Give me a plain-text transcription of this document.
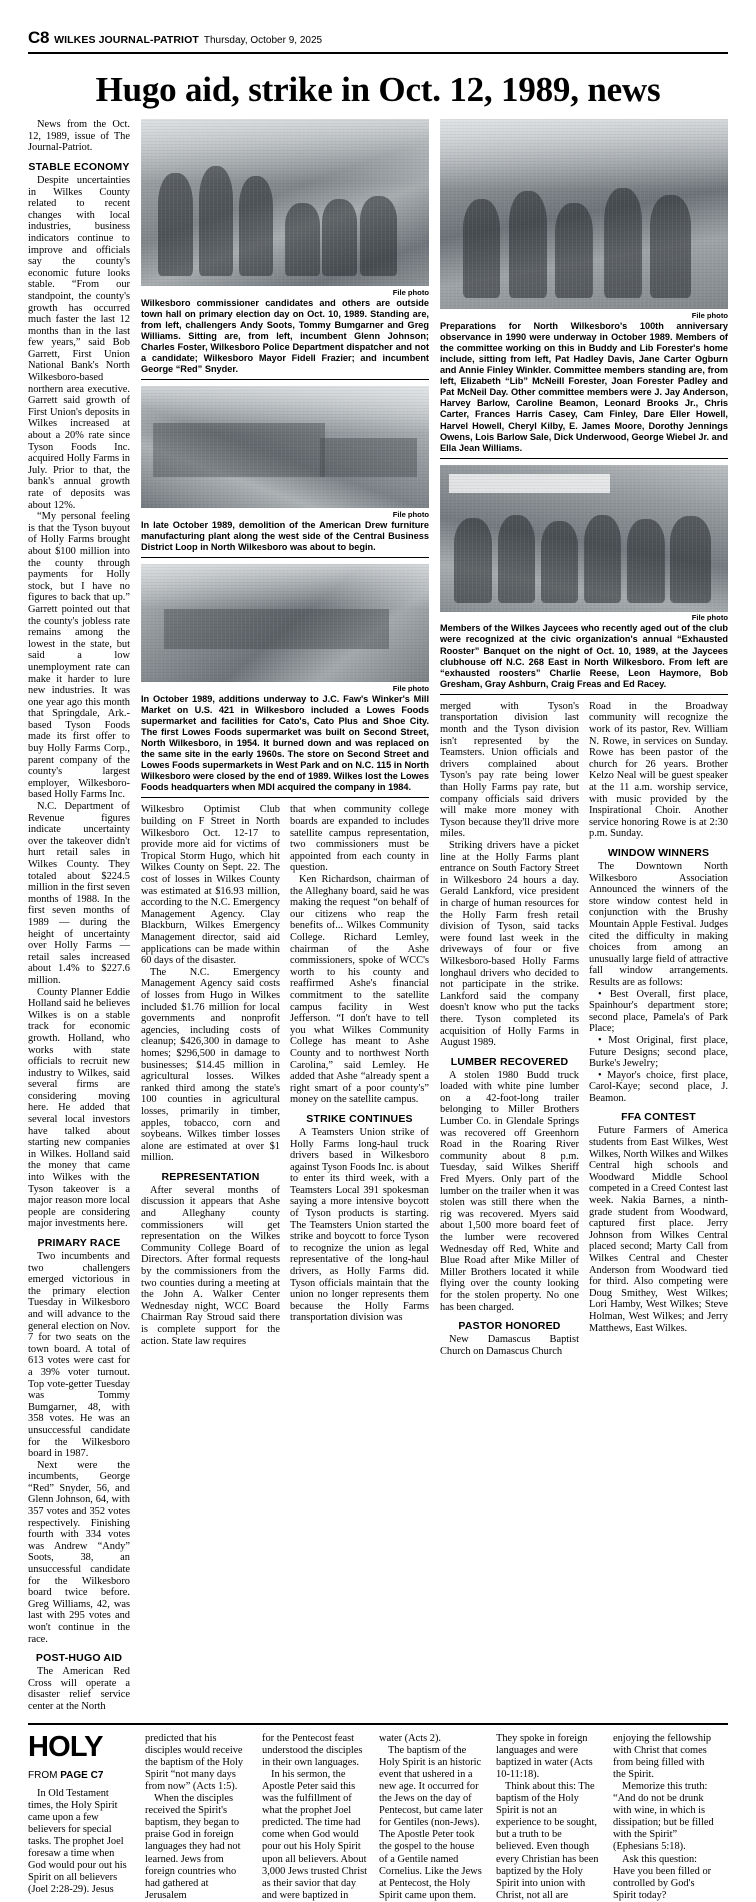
C8 WILKES JOURNAL-PATRIOT Thursday, October 9, 2025
Hugo aid, strike in Oct. 12, 1989, news

News from the Oct. 12, 1989, issue of The Journal-Patriot.

STABLE ECONOMY

Despite uncertainties in Wilkes County related to recent changes with local industries, business indicators continue to improve and officials say the county's economic future looks stable. “From our standpoint, the county's growth has occurred much faster the last 12 months than in the last few years,” said Bob Garrett, First Union National Bank's North Wilkesboro-based northern area executive. Garrett said growth of First Union's deposits in Wilkes increased at about a 20% rate since Tyson Foods Inc. acquired Holly Farms in July. Prior to that, the bank's annual growth rate of deposits was about 12%.

“My personal feeling is that the Tyson buyout of Holly Farms brought about $100 million into the county through payments for Holly stock, but I have no figures to back that up.” Garrett pointed out that the county's jobless rate remains among the lowest in the state, but said a low unemployment rate can make it harder to lure new industries. It was one year ago this month that Springdale, Ark.-based Tyson Foods made its first offer to buy Holly Farms Corp., parent company of the county's largest employer, Wilkesboro-based Holly Farms Inc.

N.C. Department of Revenue figures indicate uncertainty over the takeover didn't hurt retail sales in Wilkes County. They totaled about $224.5 million in the first seven months of 1988. In the first seven months of 1989 — during the height of uncertainty over Holly Farms — retail sales increased about 1.4% to $227.6 million.

County Planner Eddie Holland said he believes Wilkes is on a stable track for economic growth. Holland, who works with state officials to recruit new industry to Wilkes, said several firms are considering moving here. He added that several local investors have talked about starting new companies in Wilkes. Holland said the money that came into Wilkes with the Tyson takeover is a major reason more local people are considering major investments here.

PRIMARY RACE

Two incumbents and two challengers emerged victorious in the primary election Tuesday in Wilkesboro and will advance to the general election on Nov. 7 for two seats on the town board. A total of 613 votes were cast for a 39% voter turnout. Top vote-getter Tuesday was Tommy Bumgarner, 48, with 358 votes. He was an unsuccessful candidate for the Wilkesboro board in 1987.

Next were the incumbents, George “Red” Snyder, 56, and Glenn Johnson, 64, with 357 votes and 352 votes respectively. Finishing fourth with 334 votes was Andrew “Andy” Soots, 38, an unsuccessful candidate for the Wilkesboro board twice before. Greg Williams, 42, was last with 295 votes and won't continue in the race.

POST-HUGO AID

The American Red Cross will operate a disaster relief service center at the North

File photo
Wilkesboro commissioner candidates and others are outside town hall on primary election day on Oct. 10, 1989. Standing are, from left, challengers Andy Soots, Tommy Bumgarner and Greg Williams. Sitting are, from left, incumbent Glenn Johnson; Charles Foster, Wilkesboro Police Department dispatcher and not a candidate; Wilkesboro Mayor Fidell Frazier; and incumbent George “Red” Snyder.
File photo
In late October 1989, demolition of the American Drew furniture manufacturing plant along the west side of the Central Business District Loop in North Wilkesboro was about to begin.
File photo
In October 1989, additions underway to J.C. Faw's Winker's Mill Market on U.S. 421 in Wilkesboro included a Lowes Foods supermarket and facilities for Cato's, Cato Plus and Shoe City. The first Lowes Foods supermarket was built on Second Street, North Wilkesboro, in 1954. It burned down and was replaced on the same site in the early 1960s. The store on Second Street and Lowes Foods supermarkets in West Park and on N.C. 115 in North Wilkesboro were closed by the end of 1989. Wilkes lost the Lowes Foods headquarters when MDI acquired the company in 1984.

Wilkesbro Optimist Club building on F Street in North Wilkesboro Oct. 12-17 to provide more aid for victims of Tropical Storm Hugo, which hit Wilkes County on Sept. 22. The cost of losses in Wilkes County was estimated at $16.93 million, according to the N.C. Emergency Management Agency. Clay Blackburn, Wilkes Emergency Management director, said aid applications can be made within 60 days of the disaster.

The N.C. Emergency Management Agency said costs of losses from Hugo in Wilkes included $1.76 million for local governments and nonprofit agencies, including costs of cleanup; $426,300 in damage to homes; $296,500 in damage to businesses; $14.45 million in agricultural losses. Wilkes ranked third among the state's 100 counties in agricultural losses, primarily in timber, apples, tobacco, corn and soybeans. Wilkes timber losses alone are estimated at over $1 million.

REPRESENTATION

After several months of discussion it appears that Ashe and Alleghany county commissioners will get representation on the Wilkes Community College Board of Directors. After formal requests by the commissioners from the two counties during a meeting at the John A. Walker Center Wednesday night, WCC Board Chairman Ray Stroud said there is complete support for the action. State law requires

that when community college boards are expanded to includes satellite campus representation, two commissioners must be appointed from each county in question.

Ken Richardson, chairman of the Alleghany board, said he was making the request “on behalf of our citizens who reap the benefits of... Wilkes Community College. Richard Lemley, chairman of the Ashe commissioners, spoke of WCC's worth to his county and reaffirmed Ashe's financial commitment to the satellite campus facility in West Jefferson. “I don't have to tell you what Wilkes Community College has meant to Ashe County and to northwest North Carolina,” said Lemley. He added that Ashe “already spent a right smart of a poor county's” money on the satellite campus.

STRIKE CONTINUES

A Teamsters Union strike of Holly Farms long-haul truck drivers based in Wilkesboro against Tyson Foods Inc. is about to enter its third week, with a Teamsters Local 391 spokesman saying a more intensive boycott of Tyson products is starting. The Teamsters Union started the strike and boycott to force Tyson to recognize the union as legal representative of the long-haul drivers, as Holly Farms did. Tyson officials maintain that the union no longer represents them because the Holly Farms transportation division was

File photo
Preparations for North Wilkesboro's 100th anniversary observance in 1990 were underway in October 1989. Members of the committee working on this in Buddy and Lib Forester's home include, sitting from left, Pat Hadley Davis, Jane Carter Ogburn and Annie Finley Winkler. Committee members standing are, from left, Elizabeth “Lib” McNeill Forester, Joan Forester Padley and Pat McNeil Day. Other committee members were J. Jay Anderson, Harvey Barlow, Caroline Beamon, Leonard Brooks Jr., Chris Carter, Frances Harris Casey, Cam Finley, Dare Eller Howell, Harvel Howell, Cheryl Kilby, E. James Moore, Dorothy Jennings Owens, Lois Barlow Sale, Dick Underwood, George Wiebel Jr. and Ella Jean Williams.
File photo
Members of the Wilkes Jaycees who recently aged out of the club were recognized at the civic organization's annual “Exhausted Rooster” Banquet on the night of Oct. 10, 1989, at the Jaycees clubhouse off N.C. 268 East in North Wilkesboro. From left are “exhausted roosters” Charlie Reese, Leon Haymore, Bob Gresham, Gray Ashburn, Craig Freas and Ed Racey.

merged with Tyson's transportation division last month and the Tyson division isn't represented by the Teamsters. Union officials and drivers complained about Tyson's pay rate being lower than Holly Farms pay rate, but company officials said drivers will make more money with Tyson because they'll drive more miles.

Striking drivers have a picket line at the Holly Farms plant entrance on South Factory Street in Wilkesboro 24 hours a day. Gerald Lankford, vice president in charge of human resources for the Holly Farm fresh retail division of Tyson, said tacks were found last week in the driveways of four or five Wilkesboro-based Holly Farms longhaul drivers who decided to not participate in the strike. Lankford said the company doesn't know who put the tacks there. Tyson completed its acquisition of Holly Farms in August 1989.

LUMBER RECOVERED

A stolen 1980 Budd truck loaded with white pine lumber on a 42-foot-long trailer belonging to Miller Brothers Lumber Co. in Glendale Springs was recovered off Greenhorn Road in the Roaring River community about 8 p.m. Tuesday, said Wilkes Sheriff Fred Myers. Only part of the lumber on the trailer when it was stolen was still there when the rig was recovered. Myers said about 1,500 more board feet of the lumber were recovered Wednesday off Red, White and Blue Road after Mike Miller of Miller Brothers located it while flying over the county looking for the stolen property. No one has been charged.

PASTOR HONORED

New Damascus Baptist Church on Damascus Church

Road in the Broadway community will recognize the work of its pastor, Rev. William N. Rowe, in services on Sunday. Rowe has been pastor of the church for 26 years. Brother Kelzo Neal will be guest speaker at the 11 a.m. worship service, with music provided by the Inspirational Choir. Another service honoring Rowe is at 2:30 p.m. Sunday.

WINDOW WINNERS

The Downtown North Wilkesboro Association Announced the winners of the store window contest held in conjunction with the Brushy Mountain Apple Festival. Judges cited the difficulty in making choices from among an unusually large field of attractive fall window arrangements. Results are as follows:

• Best Overall, first place, Spainhour's department store; second place, Pamela's of Park Place;

• Most Original, first place, Future Designs; second place, Burke's Jewelry;

• Mayor's choice, first place, Carol-Kaye; second place, J. Beamon.

FFA CONTEST

Future Farmers of America students from East Wilkes, West Wilkes, North Wilkes and Wilkes Central high schools and Woodward Middle School competed in a Creed Contest last week. Nakia Barnes, a ninth-grade student from Woodward, captured first place. Jerry Johnson from Wilkes Central placed second; Marty Call from Wilkes Central and Chester Anderson from Woodward tied for third. Also competing were Doug Smithey, West Wilkes; Lori Hamby, West Wilkes; Steve Holman, West Wilkes; and Jerry Matthews, East Wilkes.

HOLY
FROM PAGE C7

In Old Testament times, the Holy Spirit came upon a few believers for special tasks. The prophet Joel foresaw a time when God would pour out his Spirit on all believers (Joel 2:28-29). Jesus

predicted that his disciples would receive the baptism of the Holy Spirit “not many days from now” (Acts 1:5).

When the disciples received the Spirit's baptism, they began to praise God in foreign languages they had not learned. Jews from foreign countries who had gathered at Jerusalem

for the Pentecost feast understood the disciples in their own languages.

In his sermon, the Apostle Peter said this was the fulfillment of what the prophet Joel predicted. The time had come when God would pour out his Holy Spirit upon all believers. About 3,000 Jews trusted Christ as their savior that day and were baptized in

water (Acts 2).

The baptism of the Holy Spirit is an historic event that ushered in a new age. It occurred for the Jews on the day of Pentecost, but came later for Gentiles (non-Jews). The Apostle Peter took the gospel to the house of a Gentile named Cornelius. Like the Jews at Pentecost, the Holy Spirit came upon them.

They spoke in foreign languages and were baptized in water (Acts 10-11:18).

Think about this: The baptism of the Holy Spirit is not an experience to be sought, but a truth to be believed. Even though every Christian has been baptized by the Holy Spirit into union with Christ, not all are

enjoying the fellowship with Christ that comes from being filled with the Spirit.

Memorize this truth: “And do not be drunk with wine, in which is dissipation; but be filled with the Spirit” (Ephesians 5:18).

Ask this question: Have you been filled or controlled by God's Spirit today?
